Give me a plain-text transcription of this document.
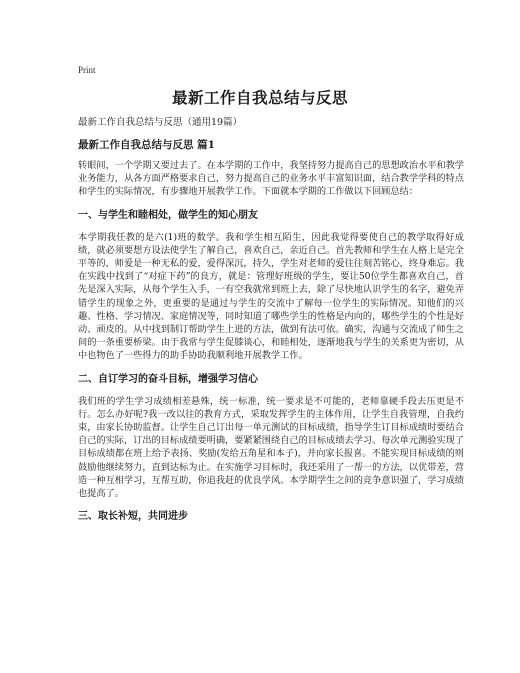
Print
最新工作自我总结与反思

最新工作自我总结与反思（通用19篇）

最新工作自我总结与反思 篇1

转眼间，一个学期又要过去了。在本学期的工作中，我坚持努力提高自己的思想政治水平和教学业务能力，从各方面严格要求自己，努力提高自己的业务水平丰富知识面，结合教学学科的特点和学生的实际情况，有步骤地开展教学工作。下面就本学期的工作做以下回顾总结：

一、与学生和睦相处，做学生的知心朋友

本学期我任教的是六(1)班的数学。我和学生相互陌生，因此我觉得要使自己的教学取得好成绩，就必须要想方设法使学生了解自己，喜欢自己，亲近自己。首先教师和学生在人格上是完全平等的，师爱是一种无私的爱，爱得深沉，持久，学生对老师的爱往往刻苦铭心，终身难忘。我在实践中找到了“对症下药”的良方，就是：管理好班级的学生，要让50位学生都喜欢自己，首先是深入实际，从每个学生入手，一有空我就常到班上去，除了尽快地认识学生的名字，避免弄错学生的现象之外，更重要的是通过与学生的交流中了解每一位学生的实际情况。知他们的兴趣、性格、学习情况、家庭情况等，同时知道了哪些学生的性格是内向的，哪些学生的个性是好动、顽皮的。从中找到制订帮助学生上进的方法，做到有法可依。确实，沟通与交流成了师生之间的一条重要桥梁。由于我常与学生促膝谈心，和睦相处，逐渐地我与学生的关系更为密切，从中也物色了一些得力的助手协助我顺利地开展教学工作。

二、自订学习的奋斗目标，增强学习信心

我们班的学生学习成绩相差悬殊，统一标准，统一要求是不可能的，老师靠硬手段去压更是不行。怎么办好呢?我一改以往的教育方式，采取发挥学生的主体作用，让学生自我管理，自我约束，由家长协助监督。让学生自己订出每一单元测试的目标成绩，指导学生订目标成绩时要结合自己的实际，订出的目标成绩要明确，要紧紧围绕自己的目标成绩去学习。每次单元测验实现了目标成绩都在班上给予表扬、奖励(发给五角星和本子)，并向家长报喜。不能实现目标成绩的则鼓励他继续努力，直到达标为止。在实施学习目标时，我还采用了一帮一的方法，以优带差，营造一种互相学习，互帮互助，你追我赶的优良学风。本学期学生之间的竞争意识强了，学习成绩也提高了。

三、取长补短，共同进步
